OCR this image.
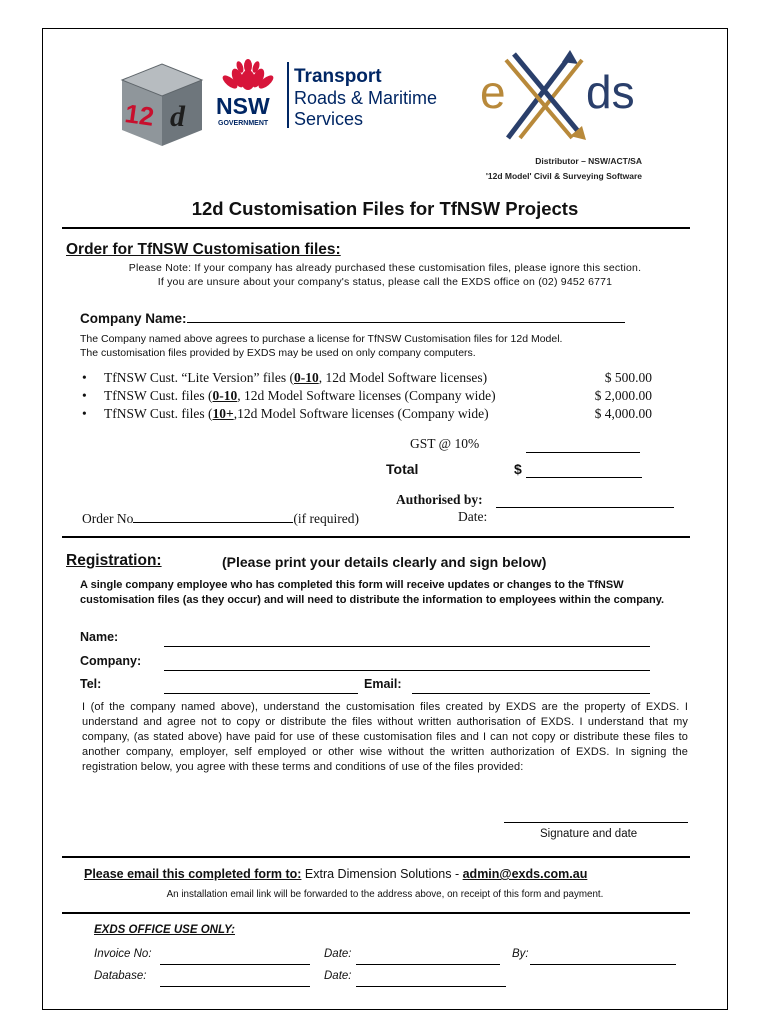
12 d NSW
GOVERNMENT
Transport
Roads & Maritime
Services
e ds
Distributor – NSW/ACT/SA
'12d Model' Civil & Surveying Software
12d Customisation Files for TfNSW Projects
Order for TfNSW Customisation files:
Please Note: If your company has already purchased these customisation files, please ignore this section.
If you are unsure about your company's status, please call the EXDS office on (02) 9452 6771
Company Name:
The Company named above agrees to purchase a license for TfNSW Customisation files for 12d Model.
The customisation files provided by EXDS may be used on only company computers.
• TfNSW Cust. “Lite Version” files (0-10, 12d Model Software licenses)	$ 500.00
• TfNSW Cust. files (0-10, 12d Model Software licenses (Company wide)	$ 2,000.00
• TfNSW Cust. files (10+,12d Model Software licenses (Company wide)	$ 4,000.00
GST @ 10%
Total	$
Authorised by:
Date:
Order No	(if required)
Registration:	(Please print your details clearly and sign below)
A single company employee who has completed this form will receive updates or changes to the TfNSW customisation files (as they occur) and will need to distribute the information to employees within the company.
Name:
Company:
Tel:	Email:
I (of the company named above), understand the customisation files created by EXDS are the property of EXDS. I understand and agree not to copy or distribute the files without written authorisation of EXDS. I understand that my company, (as stated above) have paid for use of these customisation files and I can not copy or distribute these files to another company, employer, self employed or other wise without the written authorization of EXDS. In signing the registration below, you agree with these terms and conditions of use of the files provided:
Signature and date
Please email this completed form to: Extra Dimension Solutions - admin@exds.com.au
An installation email link will be forwarded to the address above, on receipt of this form and payment.
EXDS OFFICE USE ONLY:
Invoice No:	Date:	By:
Database:	Date:
